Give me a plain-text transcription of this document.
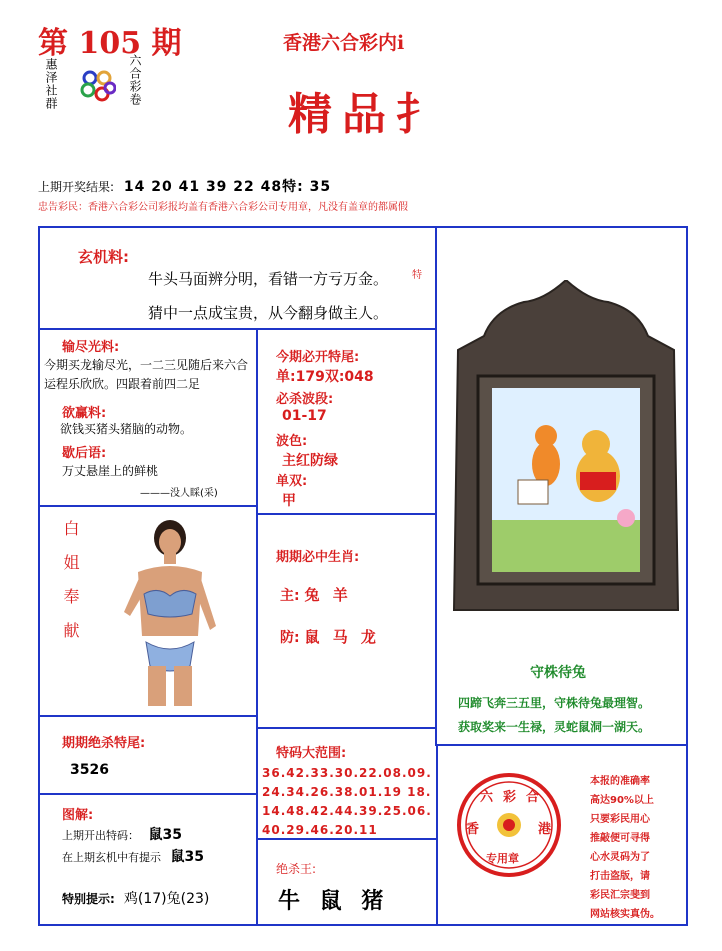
第 105 期
惠泽社群	六合彩卷
香港六合彩内i
精品扌
上期开奖结果: 14 20 41 39 22 48特: 35
忠告彩民：香港六合彩公司彩报均盖有香港六合彩公司专用章，凡没有盖章的都属假
玄机料:
牛头马面辨分明，看错一方亏万金。 特
猜中一点成宝贵，从今翻身做主人。
输尽光料:
今期买龙输尽光，一二三见随后来六合运程乐欣欣。四跟着前四二足
欲赢料:
欲钱买猪头猪脑的动物。
歇后语:
万丈悬崖上的鲜桃
———没人睬(采)
白姐奉献
今期必开特尾:
单:179双:048
必杀波段:
01-17
波色:
主红防绿
单双:
甲
期期必中生肖:
主: 兔 羊
防: 鼠 马 龙
守株待兔
四蹄飞奔三五里，守株待兔最理智。
获取奖来一生禄，灵蛇鼠洞一湖天。
期期绝杀特尾:
3526
特码大范围:
36.42.33.30.22.08.09.
24.34.26.38.01.19 18.
14.48.42.44.39.25.06.
40.29.46.20.11
图解:
上期开出特码： 鼠35
在上期玄机中有提示 鼠35
特别提示: 鸡(17)兔(23)
绝杀王:
牛 鼠 猪
六彩合
香	港
专用章
本报的准确率
高达90%以上
只要彩民用心
推敲便可寻得
心水灵码为了
打击盗版，请
彩民汇宗斐到
网站核实真伪。
